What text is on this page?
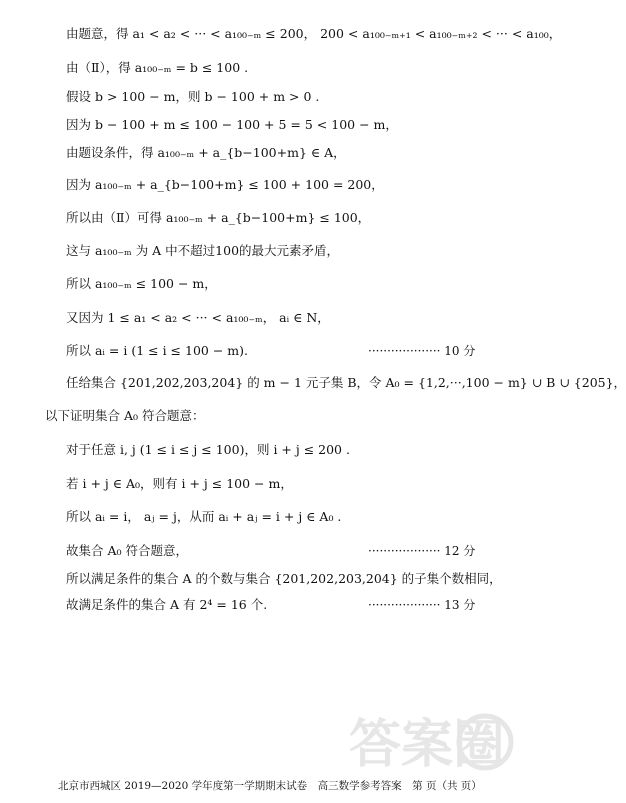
由题意，得 a₁ < a₂ < ··· < a₁₀₀₋ₘ ≤ 200， 200 < a₁₀₀₋ₘ₊₁ < a₁₀₀₋ₘ₊₂ < ··· < a₁₀₀，
由（Ⅱ），得 a₁₀₀₋ₘ = b ≤ 100 .
假设 b > 100 − m，则 b − 100 + m > 0 .
因为 b − 100 + m ≤ 100 − 100 + 5 = 5 < 100 − m，
由题设条件，得 a₁₀₀₋ₘ + a_{b−100+m} ∈ A，
因为 a₁₀₀₋ₘ + a_{b−100+m} ≤ 100 + 100 = 200，
所以由（Ⅱ）可得 a₁₀₀₋ₘ + a_{b−100+m} ≤ 100，
这与 a₁₀₀₋ₘ 为 A 中不超过100的最大元素矛盾，
所以 a₁₀₀₋ₘ ≤ 100 − m，
又因为 1 ≤ a₁ < a₂ < ··· < a₁₀₀₋ₘ， aᵢ ∈ N，
所以 aᵢ = i (1 ≤ i ≤ 100 − m).	··················· 10 分
任给集合 {201,202,203,204} 的 m − 1 元子集 B，令 A₀ = {1,2,···,100 − m} ∪ B ∪ {205}，
以下证明集合 A₀ 符合题意：
对于任意 i, j (1 ≤ i ≤ j ≤ 100)，则 i + j ≤ 200 .
若 i + j ∈ A₀，则有 i + j ≤ 100 − m，
所以 aᵢ = i， aⱼ = j，从而 aᵢ + aⱼ = i + j ∈ A₀ .
故集合 A₀ 符合题意，	··················· 12 分
所以满足条件的集合 A 的个数与集合 {201,202,203,204} 的子集个数相同，
故满足条件的集合 A 有 2⁴ = 16 个.	··················· 13 分
答案圈
北京市西城区 2019—2020 学年度第一学期期末试卷　高三数学参考答案　第 页（共 页）
